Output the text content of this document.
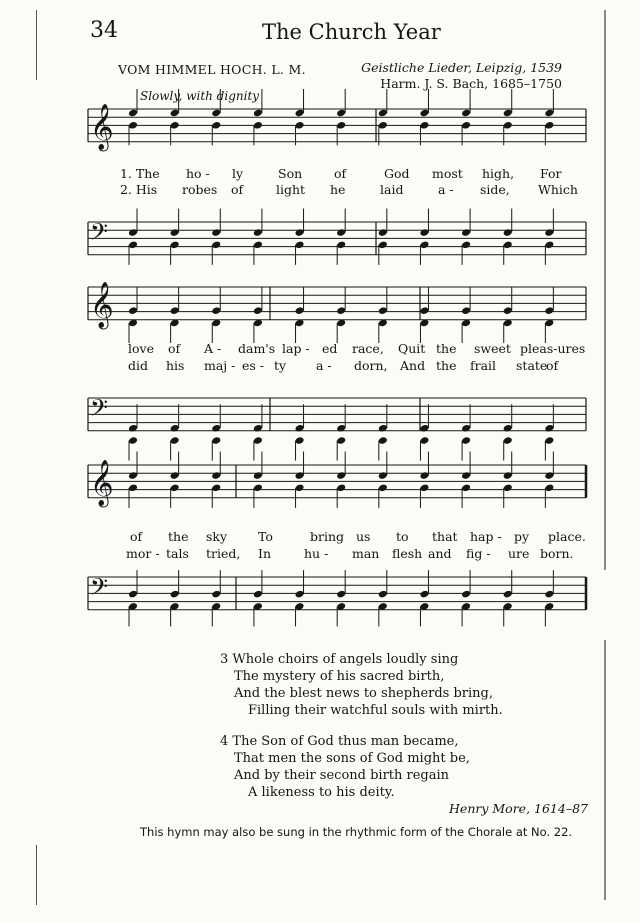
34	The Church Year
VOM HIMMEL HOCH. L. M.	Geistliche Lieder, Leipzig, 1539
Harm. J. S. Bach, 1685–1750
Slowly, with dignity
𝄞
𝄢
𝄞
𝄢
𝄞
𝄢
1. The ho - ly	Son	of	God most high, For
2. His robes of	light he	laid	a - side, Which
love of A - dam's lap - ed race, Quit the sweet pleas-ures
did his maj - es - ty a - dorn, And the frail state
of
of the sky To	bring us to that hap - py place.
mor - tals tried, In	hu - man flesh and fig - ure born.
3 Whole choirs of angels loudly sing
The mystery of his sacred birth,
And the blest news to shepherds bring,
Filling their watchful souls with mirth.
4 The Son of God thus man became,
That men the sons of God might be,
And by their second birth regain
A likeness to his deity.
Henry More, 1614–87
This hymn may also be sung in the rhythmic form of the Chorale at No. 22.
